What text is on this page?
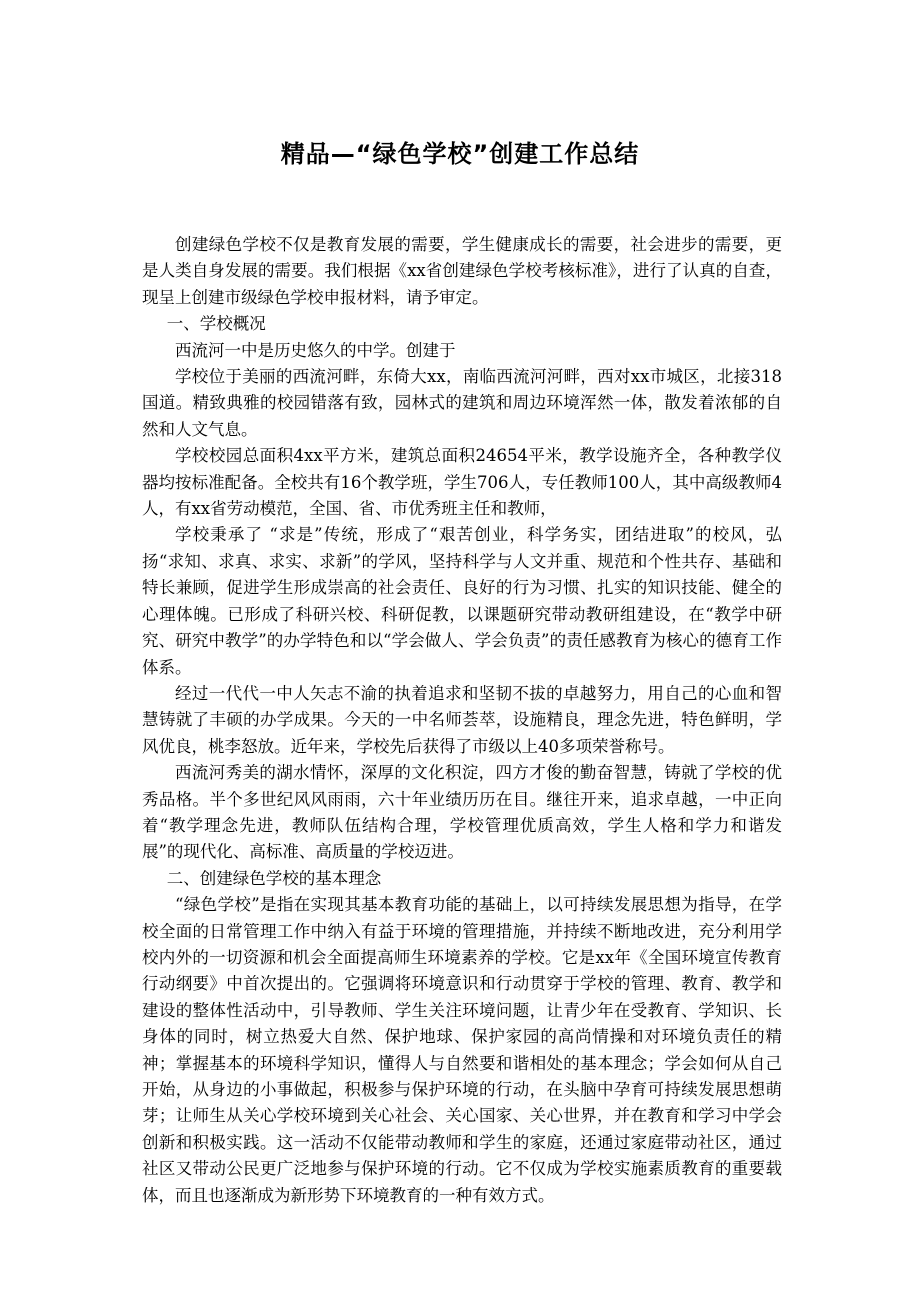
精品—“绿色学校”创建工作总结

创建绿色学校不仅是教育发展的需要，学生健康成长的需要，社会进步的需要，更是人类自身发展的需要。我们根据《xx省创建绿色学校考核标准》，进行了认真的自查，现呈上创建市级绿色学校申报材料，请予审定。

一、学校概况

西流河一中是历史悠久的中学。创建于

学校位于美丽的西流河畔，东倚大xx，南临西流河河畔，西对xx市城区，北接318国道。精致典雅的校园错落有致，园林式的建筑和周边环境浑然一体，散发着浓郁的自然和人文气息。

学校校园总面积4xx平方米，建筑总面积24654平米，教学设施齐全，各种教学仪器均按标准配备。全校共有16个教学班，学生706人，专任教师100人，其中高级教师4人，有xx省劳动模范，全国、省、市优秀班主任和教师，

学校秉承了 “求是”传统，形成了“艰苦创业，科学务实，团结进取”的校风，弘扬“求知、求真、求实、求新”的学风，坚持科学与人文并重、规范和个性共存、基础和特长兼顾，促进学生形成崇高的社会责任、良好的行为习惯、扎实的知识技能、健全的心理体魄。已形成了科研兴校、科研促教，以课题研究带动教研组建设，在“教学中研究、研究中教学”的办学特色和以“学会做人、学会负责”的责任感教育为核心的德育工作体系。

经过一代代一中人矢志不渝的执着追求和坚韧不拔的卓越努力，用自己的心血和智慧铸就了丰硕的办学成果。今天的一中名师荟萃，设施精良，理念先进，特色鲜明，学风优良，桃李怒放。近年来，学校先后获得了市级以上40多项荣誉称号。

西流河秀美的湖水情怀，深厚的文化积淀，四方才俊的勤奋智慧，铸就了学校的优秀品格。半个多世纪风风雨雨，六十年业绩历历在目。继往开来，追求卓越，一中正向着“教学理念先进，教师队伍结构合理，学校管理优质高效，学生人格和学力和谐发展”的现代化、高标准、高质量的学校迈进。

二、创建绿色学校的基本理念

“绿色学校”是指在实现其基本教育功能的基础上，以可持续发展思想为指导，在学校全面的日常管理工作中纳入有益于环境的管理措施，并持续不断地改进，充分利用学校内外的一切资源和机会全面提高师生环境素养的学校。它是xx年《全国环境宣传教育行动纲要》中首次提出的。它强调将环境意识和行动贯穿于学校的管理、教育、教学和建设的整体性活动中，引导教师、学生关注环境问题，让青少年在受教育、学知识、长身体的同时，树立热爱大自然、保护地球、保护家园的高尚情操和对环境负责任的精神；掌握基本的环境科学知识，懂得人与自然要和谐相处的基本理念；学会如何从自己开始，从身边的小事做起，积极参与保护环境的行动，在头脑中孕育可持续发展思想萌芽；让师生从关心学校环境到关心社会、关心国家、关心世界，并在教育和学习中学会创新和积极实践。这一活动不仅能带动教师和学生的家庭，还通过家庭带动社区，通过社区又带动公民更广泛地参与保护环境的行动。它不仅成为学校实施素质教育的重要载体，而且也逐渐成为新形势下环境教育的一种有效方式。
